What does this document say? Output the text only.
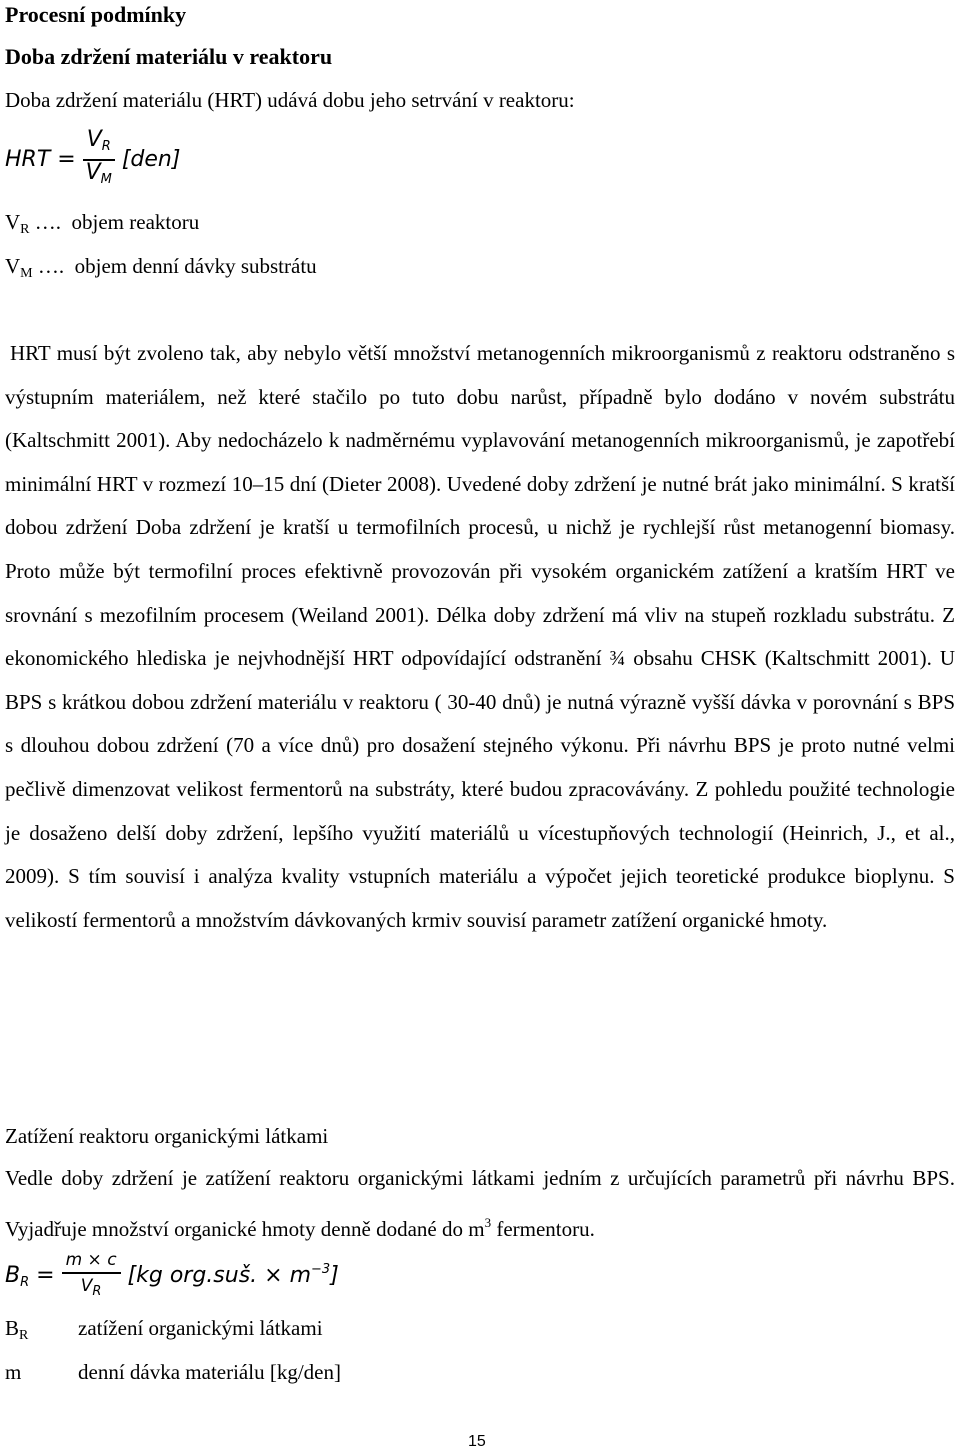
Procesní podmínky
Doba zdržení materiálu v reaktoru
Doba zdržení materiálu (HRT) udává dobu jeho setrvání v reaktoru:
HRT = $\frac{VR}{VM} [den]$
$V_R$ …. objem reaktoru
$V_M$ …. objem denní dávky substrátu
HRT musí být zvoleno tak, aby nebylo větší množství metanogenních mikroorganismů z reaktoru odstraněno s výstupním materiálem, než které stačilo po tuto dobu narůst, případně bylo dodáno v novém substrátu (Kaltschmitt 2001). Aby nedocházelo k nadměrnému vyplavování metanogenních mikroorganismů, je zapotřebí minimální HRT v rozmezí 10–15 dní (Dieter 2008). Uvedené doby zdržení je nutné brát jako minimální. S kratší dobou zdržení Doba zdržení je kratší u termofilních procesů, u nichž je rychlejší růst metanogenní biomasy. Proto může být termofilní proces efektivně provozován při vysokém organickém zatížení a kratším HRT ve srovnání s mezofilním procesem (Weiland 2001). Délka doby zdržení má vliv na stupeň rozkladu substrátu. Z ekonomického hlediska je nejvhodnější HRT odpovídající odstranění ¾ obsahu CHSK (Kaltschmitt 2001). U BPS s krátkou dobou zdržení materiálu v reaktoru ( 30-40 dnů) je nutná výrazně vyšší dávka v porovnání s BPS s dlouhou dobou zdržení (70 a více dnů) pro dosažení stejného výkonu. Při návrhu BPS je proto nutné velmi pečlivě dimenzovat velikost fermentorů na substráty, které budou zpracovávány. Z pohledu použité technologie je dosaženo delší doby zdržení, lepšího využití materiálů u vícestupňových technologií (Heinrich, J., et al., 2009). S tím souvisí i analýza kvality vstupních materiálu a výpočet jejich teoretické produkce bioplynu. S velikostí fermentorů a množstvím dávkovaných krmiv souvisí parametr zatížení organické hmoty.
Zatížení reaktoru organickými látkami
Vedle doby zdržení je zatížení reaktoru organickými látkami jedním z určujících parametrů při návrhu BPS. Vyjadřuje množství organické hmoty denně dodané do $m^3$ fermentoru.
BR = $\frac{m \times c}{V_R} [kg$ org.suš. × $m^{-3}$]
$B_R$ zatížení organickými látkami
m	denní dávka materiálu [kg/den]
15
